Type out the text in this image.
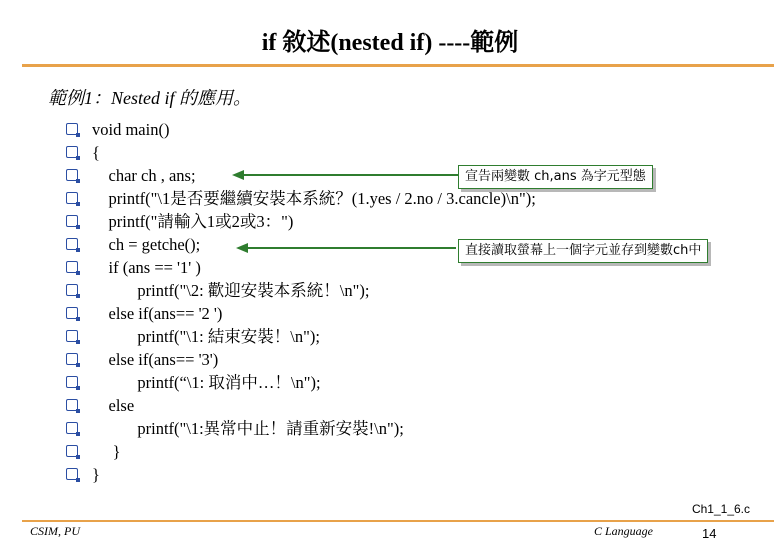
if 敘述(nested if) ----範例
範例1：Nested if 的應用。
void main()
{
char ch , ans;
printf("\1是否要繼續安裝本系統？(1.yes / 2.no / 3.cancle)\n");
printf("請輸入1或2或3：")
ch = getche();
if (ans == '1' )
printf("\2: 歡迎安裝本系統！\n");
else if(ans== '2 ')
printf("\1: 結束安裝！\n");
else if(ans== '3')
printf(“\1: 取消中…！\n");
else
printf("\1:異常中止！請重新安裝!\n");
}
}
宣告兩變數 ch,ans 為字元型態
直接讀取螢幕上一個字元並存到變數ch中
Ch1_1_6.c
CSIM, PU	C Language	14
